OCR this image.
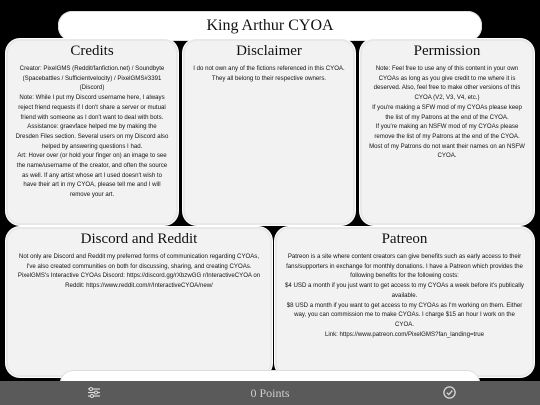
King Arthur CYOA
Credits

Creator: PixelGMS (Reddit/fanfiction.net) / Soundbyte (Spacebattles / Sufficientvelocity) / PixelGMS#3391 (Discord)

Note: While I put my Discord username here, I always reject friend requests if I don't share a server or mutual friend with someone as I don't want to deal with bots.

Assistance: graevface helped me by making the Dresden Files section. Several users on my Discord also helped by answering questions I had.

Art: Hover over (or hold your finger on) an image to see the name/username of the creator, and often the source as well. If any artist whose art I used doesn't wish to have their art in my CYOA, please tell me and I will remove your art.

Disclaimer

I do not own any of the fictions referenced in this CYOA. They all belong to their respective owners.

Permission

Note: Feel free to use any of this content in your own CYOAs as long as you give credit to me where it is deserved. Also, feel free to make other versions of this CYOA (V2, V3, V4, etc.)

If you're making a SFW mod of my CYOAs please keep the list of my Patrons at the end of the CYOA.

If you're making an NSFW mod of my CYOAs please remove the list of my Patrons at the end of the CYOA. Most of my Patrons do not want their names on an NSFW CYOA.

Discord and Reddit

Not only are Discord and Reddit my preferred forms of communication regarding CYOAs, I've also created communities on both for discussing, sharing, and creating CYOAs.

PixelGMS's Interactive CYOAs Discord: https://discord.gg/rXbzwGG r/InteractiveCYOA on Reddit: https://www.reddit.com/r/InteractiveCYOA/new/

Patreon

Patreon is a site where content creators can give benefits such as early access to their fans/supporters in exchange for monthly donations. I have a Patreon which provides the following benefits for the following costs:

$4 USD a month if you just want to get access to my CYOAs a week before it's publically available.

$8 USD a month if you want to get access to my CYOAs as I'm working on them. Either way, you can commission me to make CYOAs. I charge $15 an hour I work on the CYOA.

Link: https://www.patreon.com/PixelGMS?fan_landing=true

0 Points
